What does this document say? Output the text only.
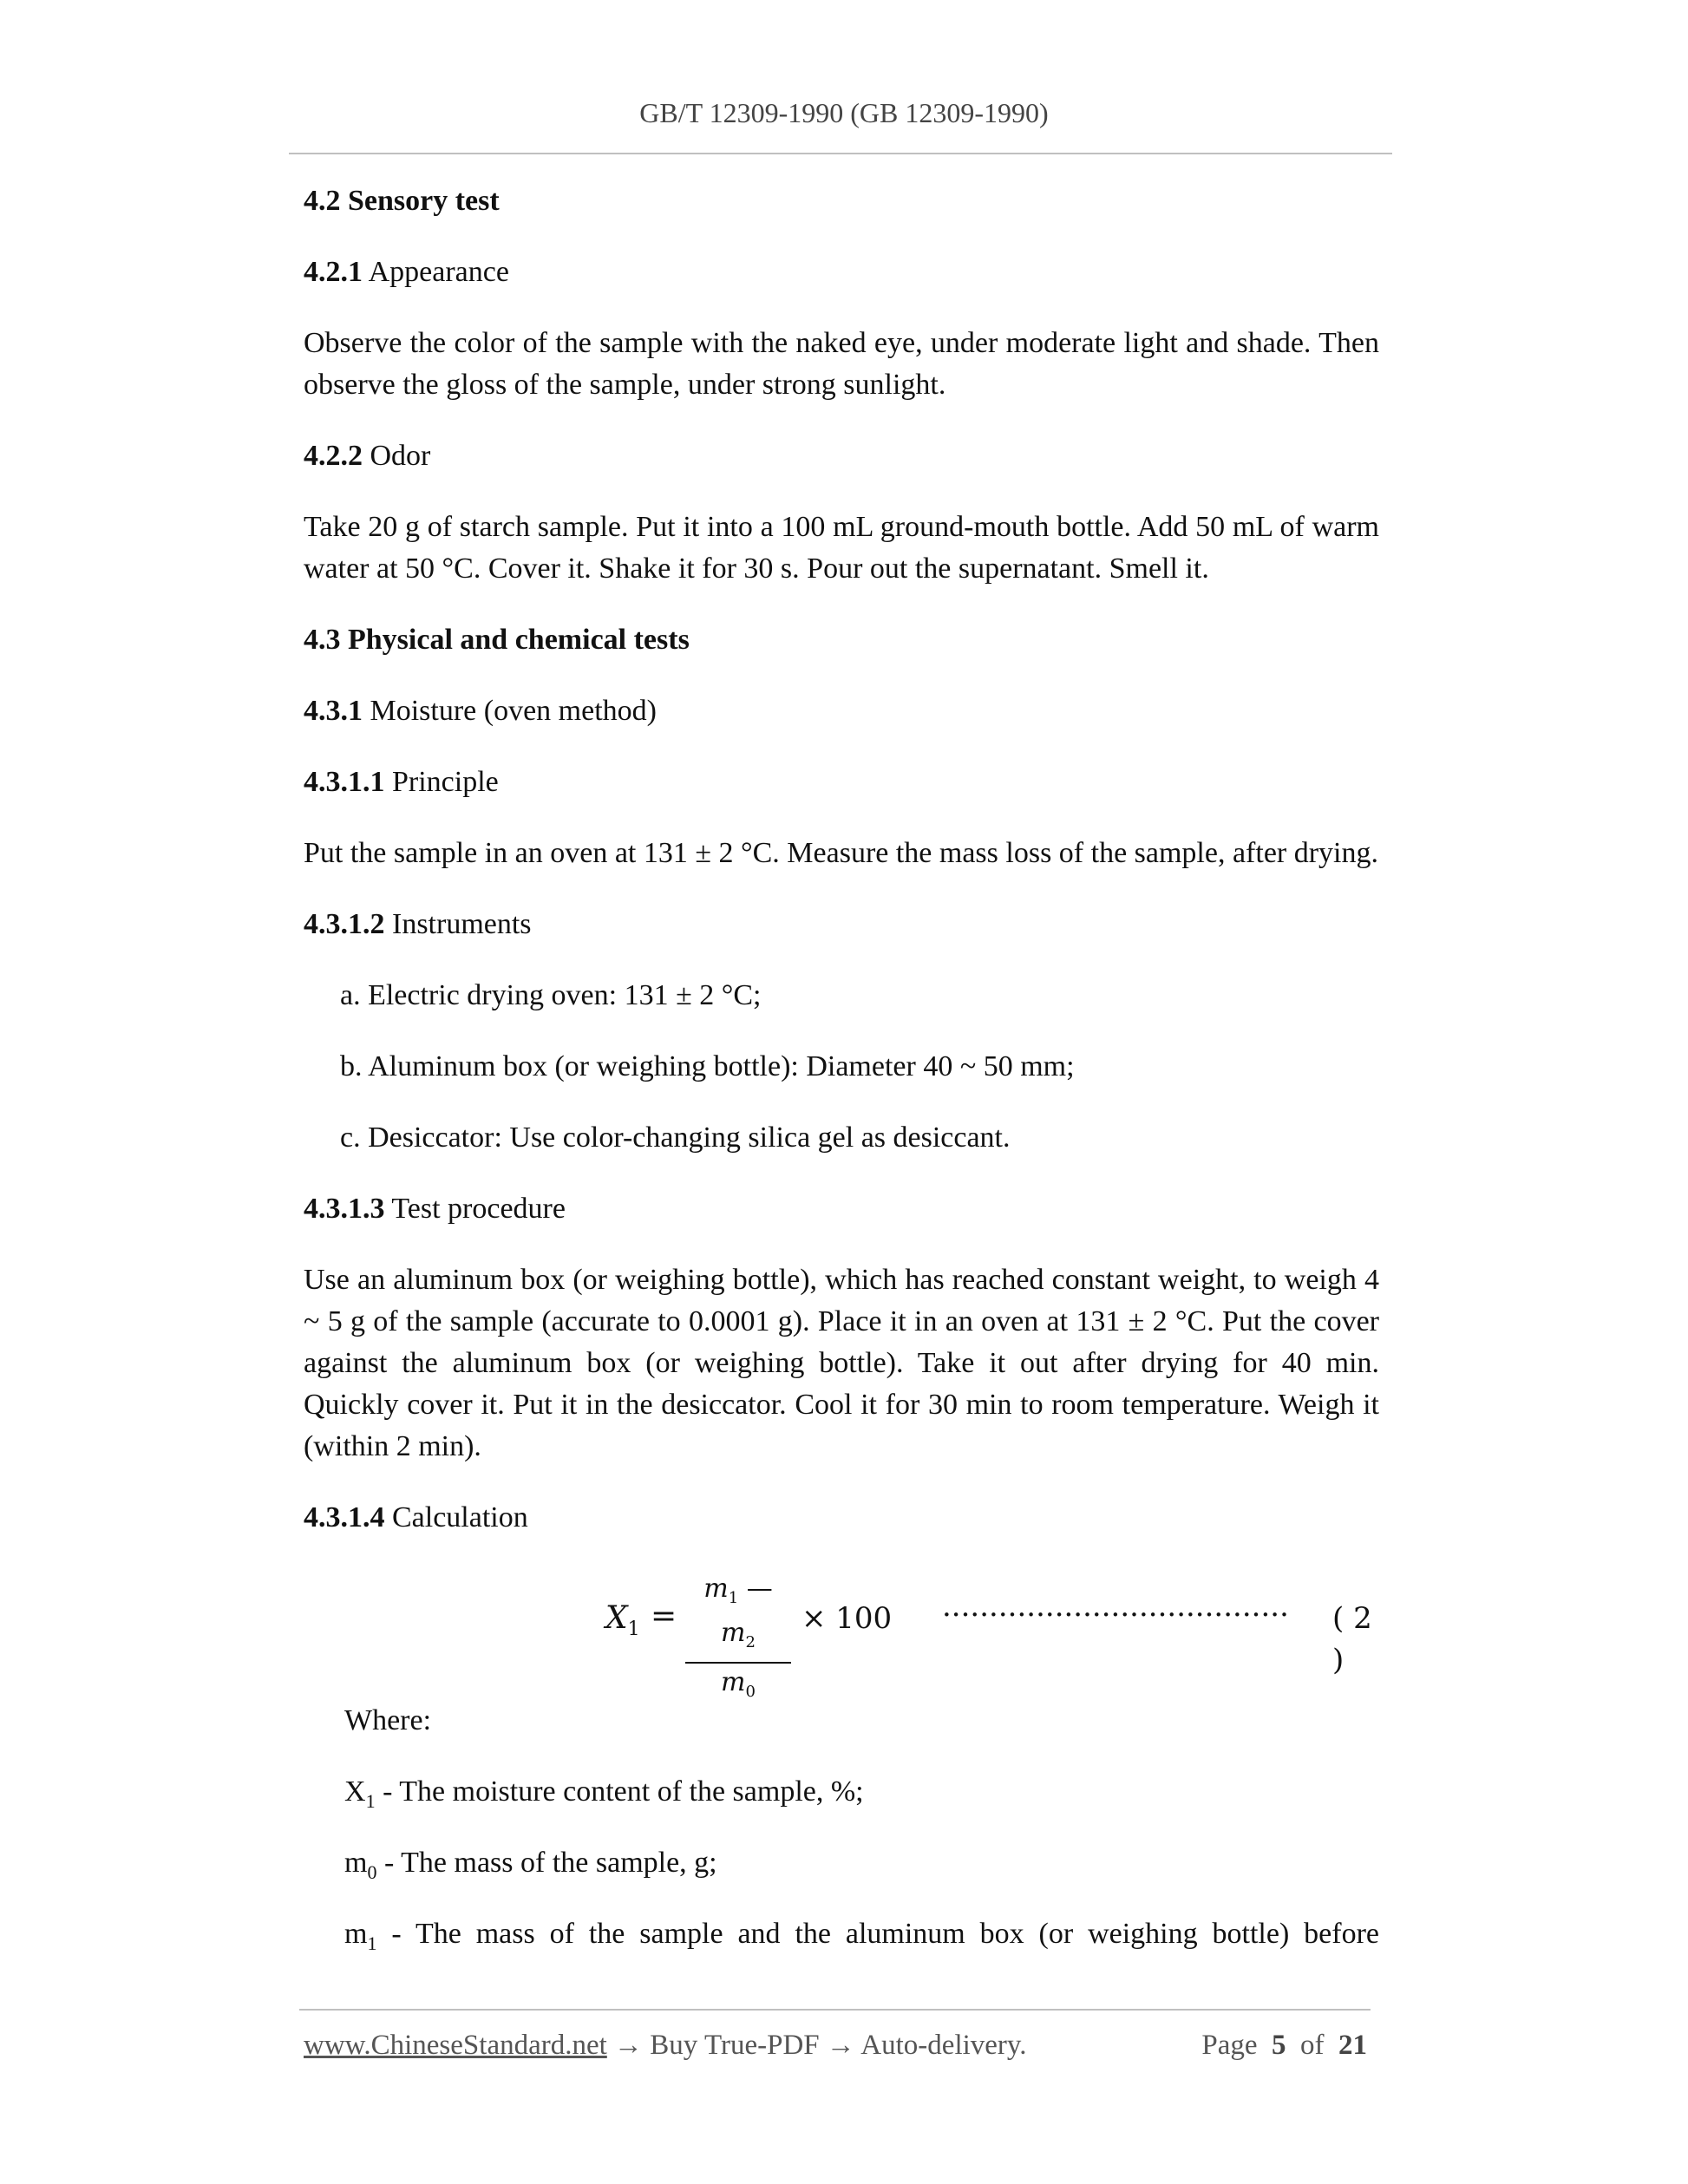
GB/T 12309-1990 (GB 12309-1990)
4.2 Sensory test
4.2.1 Appearance
Observe the color of the sample with the naked eye, under moderate light and shade. Then observe the gloss of the sample, under strong sunlight.
4.2.2 Odor
Take 20 g of starch sample. Put it into a 100 mL ground-mouth bottle. Add 50 mL of warm water at 50 °C. Cover it. Shake it for 30 s. Pour out the supernatant. Smell it.
4.3 Physical and chemical tests
4.3.1 Moisture (oven method)
4.3.1.1 Principle
Put the sample in an oven at 131 ± 2 °C. Measure the mass loss of the sample, after drying.
4.3.1.2 Instruments
a. Electric drying oven: 131 ± 2 °C;
b. Aluminum box (or weighing bottle): Diameter 40 ~ 50 mm;
c. Desiccator: Use color-changing silica gel as desiccant.
4.3.1.3 Test procedure
Use an aluminum box (or weighing bottle), which has reached constant weight, to weigh 4 ~ 5 g of the sample (accurate to 0.0001 g). Place it in an oven at 131 ± 2 °C. Put the cover against the aluminum box (or weighing bottle). Take it out after drying for 40 min. Quickly cover it. Put it in the desiccator. Cool it for 30 min to room temperature. Weigh it (within 2 min).
4.3.1.4 Calculation
$X_1$ =
$m_1$ — $m_2$
$m_0$
× 100 ····································· ( 2 )
Where:
$X_1$ - The moisture content of the sample, %;
$m_0$ - The mass of the sample, g;
$m_1$ - The mass of the sample and the aluminum box (or weighing bottle) before
www.ChineseStandard.net → Buy True-PDF → Auto-delivery.	Page 5 of 21
